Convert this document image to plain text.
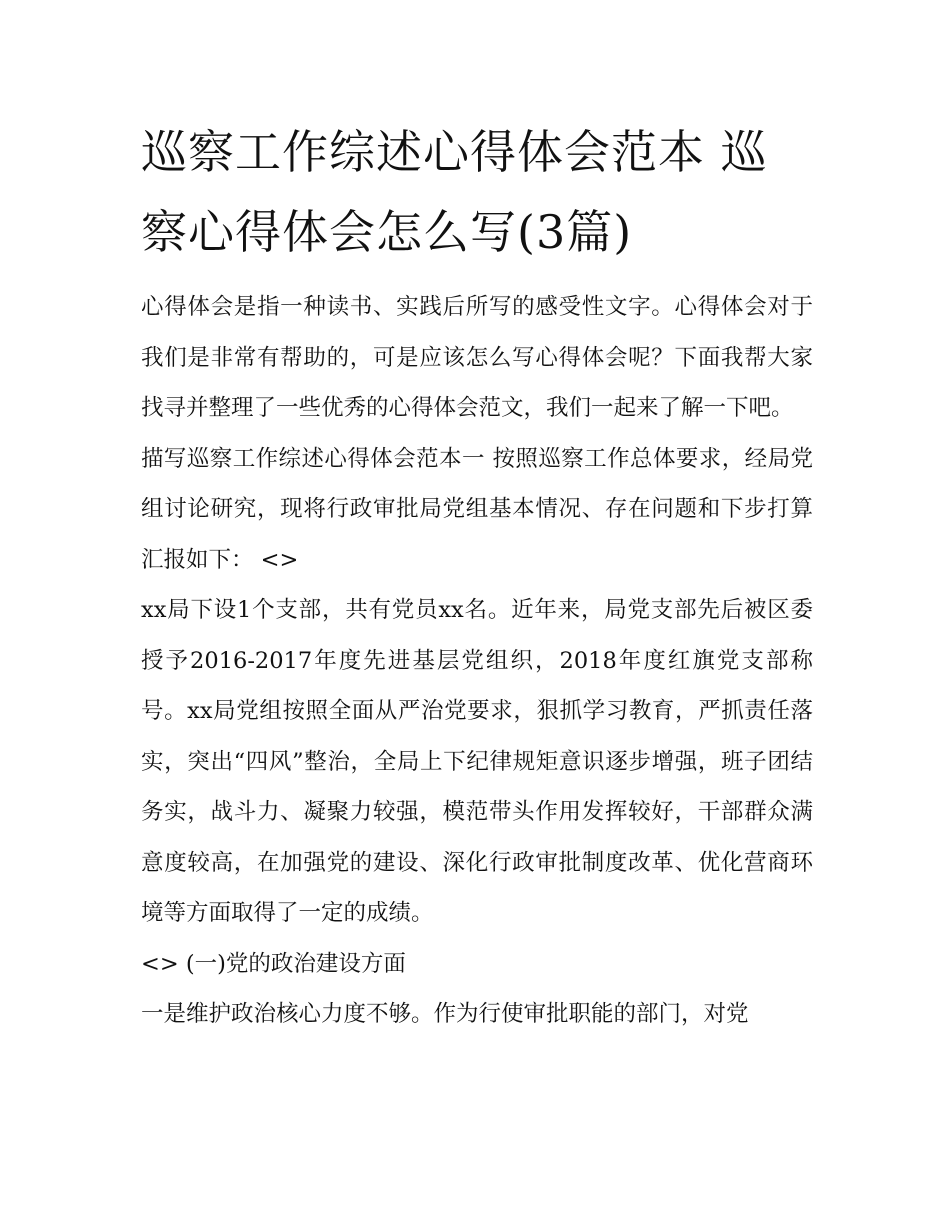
巡察工作综述心得体会范本 巡察心得体会怎么写(3篇)

心得体会是指一种读书、实践后所写的感受性文字。心得体会对于我们是非常有帮助的，可是应该怎么写心得体会呢？下面我帮大家找寻并整理了一些优秀的心得体会范文，我们一起来了解一下吧。

描写巡察工作综述心得体会范本一 按照巡察工作总体要求，经局党组讨论研究，现将行政审批局党组基本情况、存在问题和下步打算汇报如下： <>

xx局下设1个支部，共有党员xx名。近年来，局党支部先后被区委授予2016-2017年度先进基层党组织，2018年度红旗党支部称号。xx局党组按照全面从严治党要求，狠抓学习教育，严抓责任落实，突出“四风”整治，全局上下纪律规矩意识逐步增强，班子团结务实，战斗力、凝聚力较强，模范带头作用发挥较好，干部群众满意度较高，在加强党的建设、深化行政审批制度改革、优化营商环境等方面取得了一定的成绩。

<> (一)党的政治建设方面

一是维护政治核心力度不够。作为行使审批职能的部门，对党
